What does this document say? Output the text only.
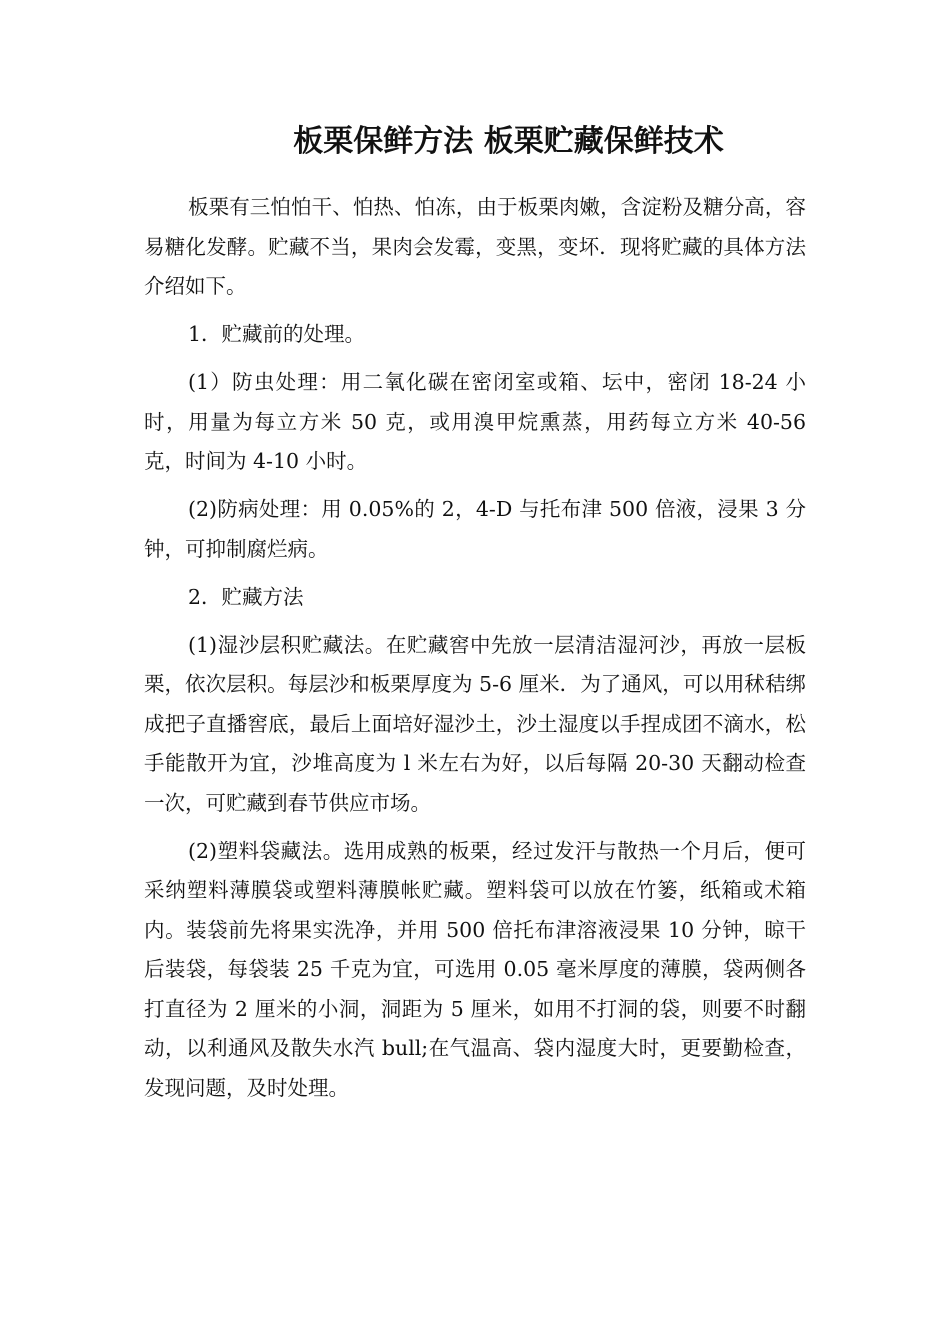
板栗保鲜方法 板栗贮藏保鲜技术

板栗有三怕怕干、怕热、怕冻，由于板栗肉嫩，含淀粉及糖分高，容易糖化发酵。贮藏不当，果肉会发霉，变黑，变坏．现将贮藏的具体方法介绍如下。

1．贮藏前的处理。

(1）防虫处理：用二氧化碳在密闭室或箱、坛中，密闭 18-24 小时，用量为每立方米 50 克，或用溴甲烷熏蒸，用药每立方米 40-56 克，时间为 4-10 小时。

(2)防病处理：用 0.05%的 2，4-D 与托布津 500 倍液，浸果 3 分钟，可抑制腐烂病。

2．贮藏方法

(1)湿沙层积贮藏法。在贮藏窖中先放一层清洁湿河沙，再放一层板栗，依次层积。每层沙和板栗厚度为 5-6 厘米．为了通风，可以用秫秸绑成把子直播窖底，最后上面培好湿沙土，沙土湿度以手捏成团不滴水，松手能散开为宜，沙堆高度为 l 米左右为好，以后每隔 20-30 天翻动检查一次，可贮藏到春节供应市场。

(2)塑料袋藏法。选用成熟的板栗，经过发汗与散热一个月后，便可采纳塑料薄膜袋或塑料薄膜帐贮藏。塑料袋可以放在竹篓，纸箱或术箱内。装袋前先将果实洗净，并用 500 倍托布津溶液浸果 10 分钟，晾干后装袋，每袋装 25 千克为宜，可选用 0.05 毫米厚度的薄膜，袋两侧各打直径为 2 厘米的小洞，洞距为 5 厘米，如用不打洞的袋，则要不时翻动，以利通风及散失水汽 bull;在气温高、袋内湿度大时，更要勤检查，发现问题，及时处理。
